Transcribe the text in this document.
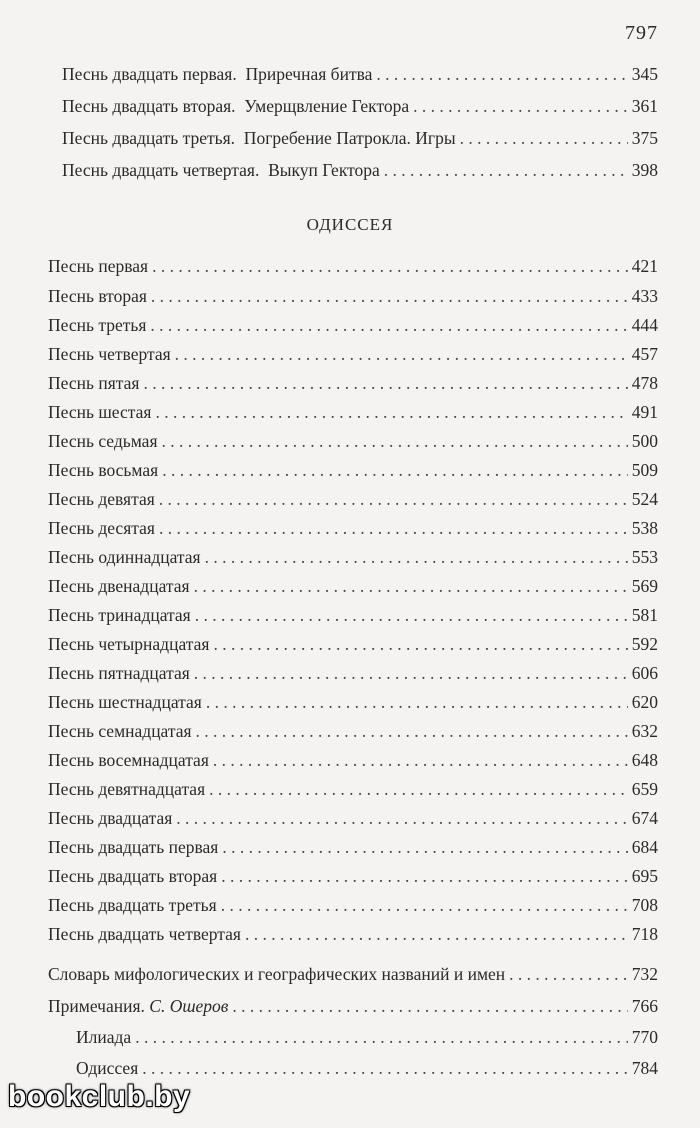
797
Песнь двадцать первая.  Приречная битва . . .	345
Песнь двадцать вторая.  Умерщвление Гектора . . .	361
Песнь двадцать третья.  Погребение Патрокла. Игры . . .	375
Песнь двадцать четвертая.  Выкуп Гектора . . .	398
ОДИССЕЯ
Песнь первая . . .	421
Песнь вторая . . .	433
Песнь третья . . .	444
Песнь четвертая . . .	457
Песнь пятая . . .	478
Песнь шестая . . .	491
Песнь седьмая . . .	500
Песнь восьмая . . .	509
Песнь девятая . . .	524
Песнь десятая . . .	538
Песнь одиннадцатая . . .	553
Песнь двенадцатая . . .	569
Песнь тринадцатая . . .	581
Песнь четырнадцатая . . .	592
Песнь пятнадцатая . . .	606
Песнь шестнадцатая . . .	620
Песнь семнадцатая . . .	632
Песнь восемнадцатая . . .	648
Песнь девятнадцатая . . .	659
Песнь двадцатая . . .	674
Песнь двадцать первая . . .	684
Песнь двадцать вторая . . .	695
Песнь двадцать третья . . .	708
Песнь двадцать четвертая . . .	718
Словарь мифологических и географических названий и имен . . .	732
Примечания. С. Ошеров . . .	766
Илиада . . .	770
Одиссея . . .	784
bookclub.by
